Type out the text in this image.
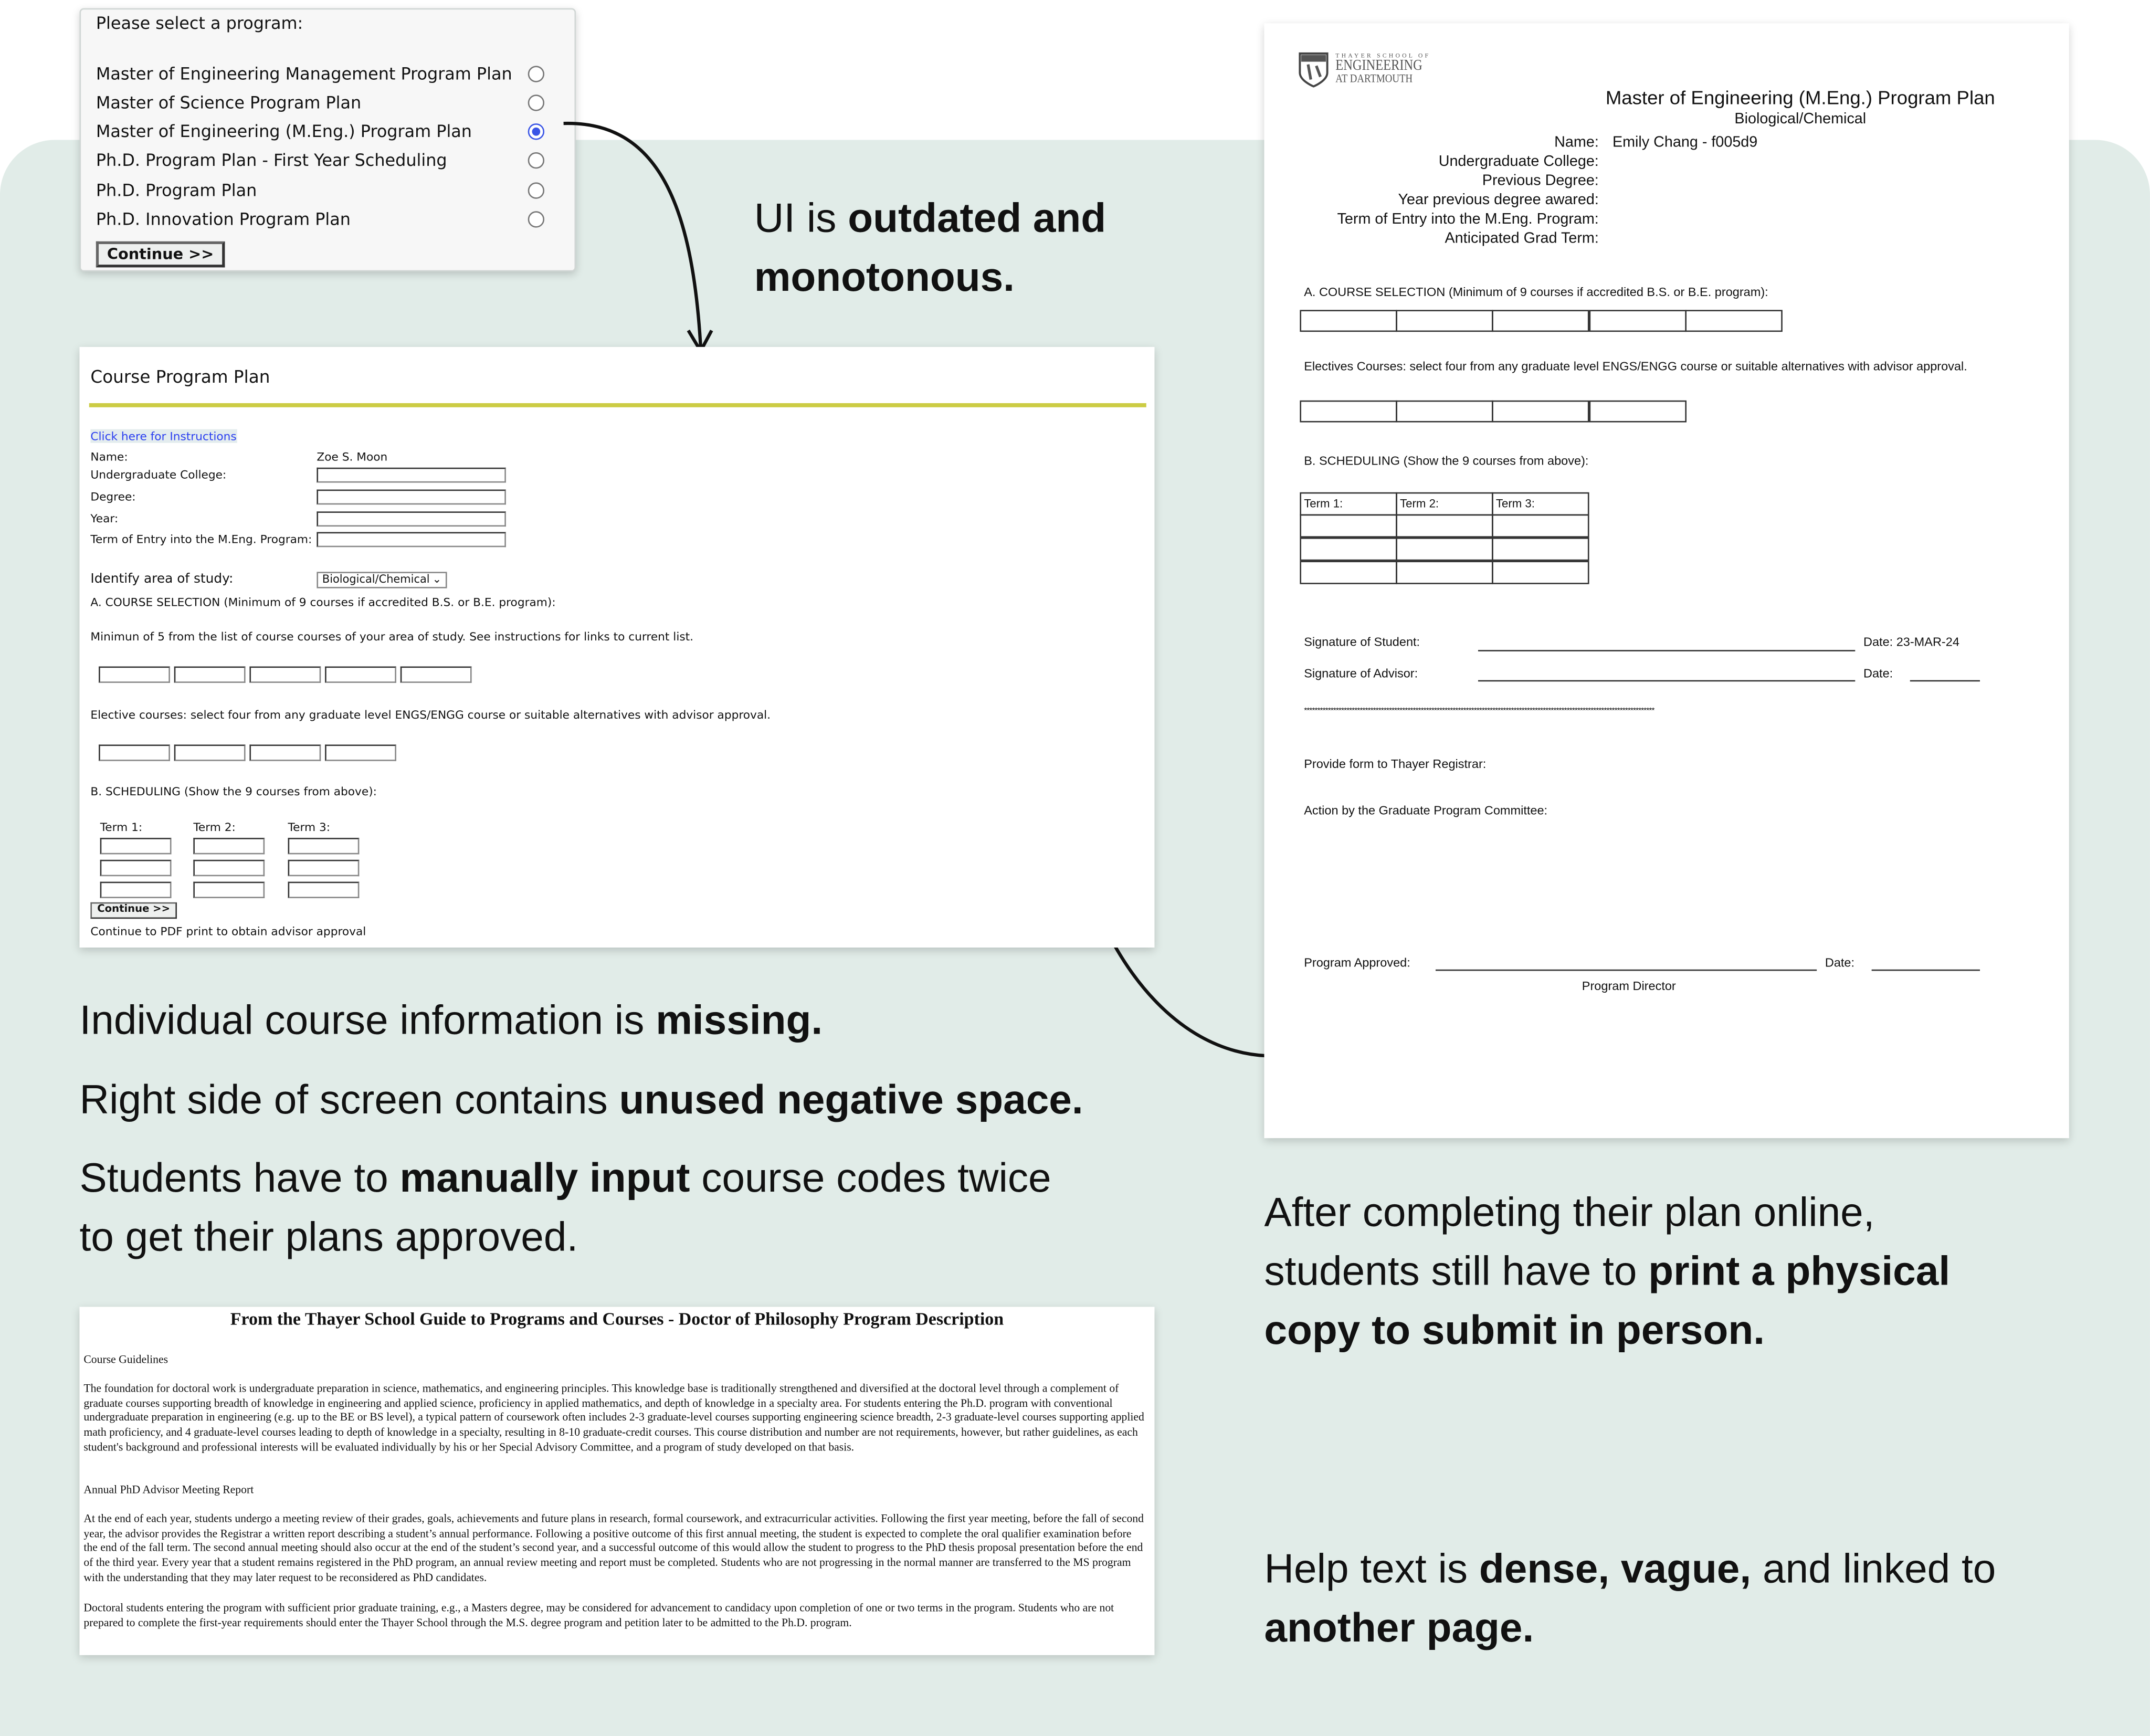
Please select a program:
Master of Engineering Management Program Plan
Master of Science Program Plan
Master of Engineering (M.Eng.) Program Plan
Ph.D. Program Plan - First Year Scheduling
Ph.D. Program Plan
Ph.D. Innovation Program Plan
Continue >>
UI is outdated and
monotonous.
Individual course information is missing.
Right side of screen contains unused negative space.
Students have to manually input course codes twice
to get their plans approved.
After completing their plan online,
students still have to print a physical
copy to submit in person.
Help text is dense, vague, and linked to
another page.
Course Program Plan
Click here for Instructions
Name:	Zoe S. Moon
Undergraduate College:
Degree:
Year:
Term of Entry into the M.Eng. Program:
Identify area of study:	Biological/Chemical ⌄
A. COURSE SELECTION (Minimum of 9 courses if accredited B.S. or B.E. program):
Minimun of 5 from the list of course courses of your area of study. See instructions for links to current list.
Elective courses: select four from any graduate level ENGS/ENGG course or suitable alternatives with advisor approval.
B. SCHEDULING (Show the 9 courses from above):
Term 1:	Term 2:	Term 3:
Continue >>
Continue to PDF print to obtain advisor approval
From the Thayer School Guide to Programs and Courses - Doctor of Philosophy Program Description

Course Guidelines

The foundation for doctoral work is undergraduate preparation in science, mathematics, and engineering principles. This knowledge base is traditionally strengthened and diversified at the doctoral level through a complement of graduate courses supporting breadth of knowledge in engineering and applied science, proficiency in applied mathematics, and depth of knowledge in a specialty area. For students entering the Ph.D. program with conventional undergraduate preparation in engineering (e.g. up to the BE or BS level), a typical pattern of coursework often includes 2-3 graduate-level courses supporting engineering science breadth, 2-3 graduate-level courses supporting applied math proficiency, and 4 graduate-level courses leading to depth of knowledge in a specialty, resulting in 8-10 graduate-credit courses. This course distribution and number are not requirements, however, but rather guidelines, as each student's background and professional interests will be evaluated individually by his or her Special Advisory Committee, and a program of study developed on that basis.

Annual PhD Advisor Meeting Report

At the end of each year, students undergo a meeting review of their grades, goals, achievements and future plans in research, formal coursework, and extracurricular activities. Following the first year meeting, before the fall of second year, the advisor provides the Registrar a written report describing a student’s annual performance. Following a positive outcome of this first annual meeting, the student is expected to complete the oral qualifier examination before the end of the fall term. The second annual meeting should also occur at the end of the student’s second year, and a successful outcome of this would allow the student to progress to the PhD thesis proposal presentation before the end of the third year. Every year that a student remains registered in the PhD program, an annual review meeting and report must be completed. Students who are not progressing in the normal manner are transferred to the MS program with the understanding that they may later request to be reconsidered as PhD candidates.

Doctoral students entering the program with sufficient prior graduate training, e.g., a Masters degree, may be considered for advancement to candidacy upon completion of one or two terms in the program. Students who are not prepared to complete the first-year requirements should enter the Thayer School through the M.S. degree program and petition later to be admitted to the Ph.D. program.

THAYER SCHOOL OF
ENGINEERING
AT DARTMOUTH
Master of Engineering (M.Eng.) Program Plan
Biological/Chemical
Name: Emily Chang - f005d9
Undergraduate College:
Previous Degree:
Year previous degree awared:
Term of Entry into the M.Eng. Program:
Anticipated Grad Term:
A. COURSE SELECTION (Minimum of 9 courses if accredited B.S. or B.E. program):
Electives Courses: select four from any graduate level ENGS/ENGG course or suitable alternatives with advisor approval.
B. SCHEDULING (Show the 9 courses from above):
Term 1:	Term 2:	Term 3:
Signature of Student:	Date: 23-MAR-24
Signature of Advisor:	Date:
************************************************************************************************************************************
Provide form to Thayer Registrar:
Action by the Graduate Program Committee:
Program Approved:	Date:
Program Director
